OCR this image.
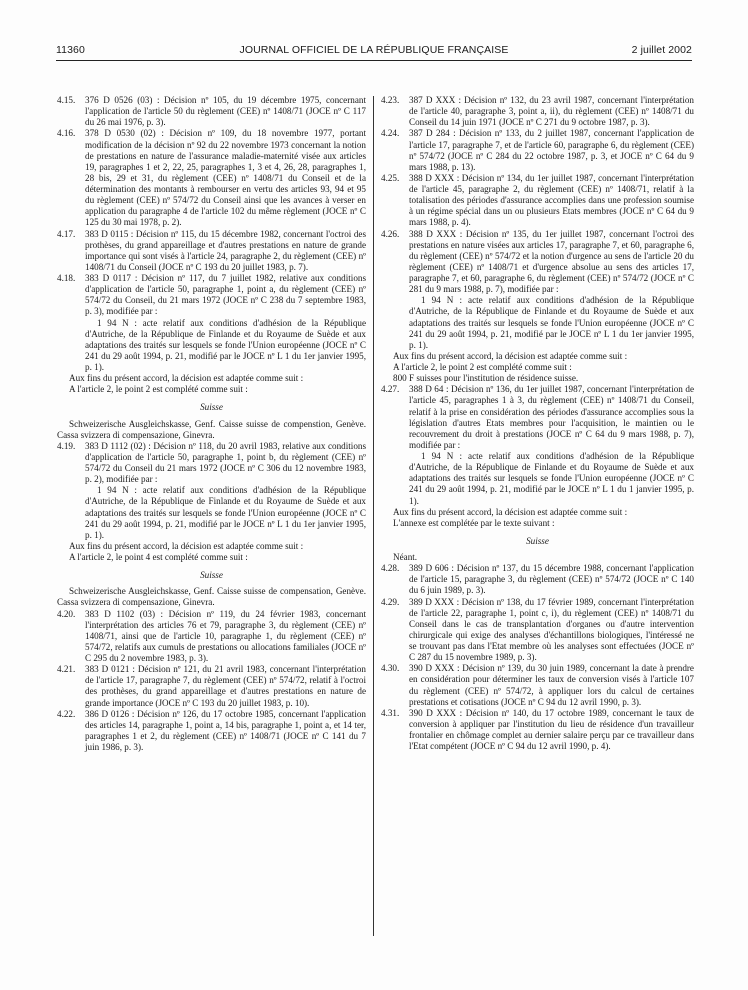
11360	JOURNAL OFFICIEL DE LA RÉPUBLIQUE FRANÇAISE	2 juillet 2002

4.15. 376 D 0526 (03) : Décision nº 105, du 19 décembre 1975, concernant l'application de l'article 50 du règlement (CEE) nº 1408/71 (JOCE nº C 117 du 26 mai 1976, p. 3).

4.16. 378 D 0530 (02) : Décision nº 109, du 18 novembre 1977, portant modification de la décision nº 92 du 22 novembre 1973 concernant la notion de prestations en nature de l'assurance maladie-maternité visée aux articles 19, paragraphes 1 et 2, 22, 25, paragraphes 1, 3 et 4, 26, 28, paragraphes 1, 28 bis, 29 et 31, du règlement (CEE) nº 1408/71 du Conseil et de la détermination des montants à rembourser en vertu des articles 93, 94 et 95 du règlement (CEE) nº 574/72 du Conseil ainsi que les avances à verser en application du paragraphe 4 de l'article 102 du même règlement (JOCE nº C 125 du 30 mai 1978, p. 2).

4.17. 383 D 0115 : Décision nº 115, du 15 décembre 1982, concernant l'octroi des prothèses, du grand appareillage et d'autres prestations en nature de grande importance qui sont visés à l'article 24, paragraphe 2, du règlement (CEE) nº 1408/71 du Conseil (JOCE nº C 193 du 20 juillet 1983, p. 7).

4.18. 383 D 0117 : Décision nº 117, du 7 juillet 1982, relative aux conditions d'application de l'article 50, paragraphe 1, point a, du règlement (CEE) nº 574/72 du Conseil, du 21 mars 1972 (JOCE nº C 238 du 7 septembre 1983, p. 3), modifiée par :

1 94 N : acte relatif aux conditions d'adhésion de la République d'Autriche, de la République de Finlande et du Royaume de Suède et aux adaptations des traités sur lesquels se fonde l'Union européenne (JOCE nº C 241 du 29 août 1994, p. 21, modifié par le JOCE nº L 1 du 1er janvier 1995, p. 1).

Aux fins du présent accord, la décision est adaptée comme suit :

A l'article 2, le point 2 est complété comme suit :

Suisse

Schweizerische Ausgleichskasse, Genf. Caisse suisse de compenstion, Genève. Cassa svizzera di compensazione, Ginevra.

4.19. 383 D 1112 (02) : Décision nº 118, du 20 avril 1983, relative aux conditions d'application de l'article 50, paragraphe 1, point b, du règlement (CEE) nº 574/72 du Conseil du 21 mars 1972 (JOCE nº C 306 du 12 novembre 1983, p. 2), modifiée par :

1 94 N : acte relatif aux conditions d'adhésion de la République d'Autriche, de la République de Finlande et du Royaume de Suède et aux adaptations des traités sur lesquels se fonde l'Union européenne (JOCE nº C 241 du 29 août 1994, p. 21, modifié par le JOCE nº L 1 du 1er janvier 1995, p. 1).

Aux fins du présent accord, la décision est adaptée comme suit :

A l'article 2, le point 4 est complété comme suit :

Suisse

Schweizerische Ausgleichskasse, Genf. Caisse suisse de compensation, Genève. Cassa svizzera di compensazione, Ginevra.

4.20. 383 D 1102 (03) : Décision nº 119, du 24 février 1983, concernant l'interprétation des articles 76 et 79, paragraphe 3, du règlement (CEE) nº 1408/71, ainsi que de l'article 10, paragraphe 1, du règlement (CEE) nº 574/72, relatifs aux cumuls de prestations ou allocations familiales (JOCE nº C 295 du 2 novembre 1983, p. 3).

4.21. 383 D 0121 : Décision nº 121, du 21 avril 1983, concernant l'interprétation de l'article 17, paragraphe 7, du règlement (CEE) nº 574/72, relatif à l'octroi des prothèses, du grand appareillage et d'autres prestations en nature de grande importance (JOCE nº C 193 du 20 juillet 1983, p. 10).

4.22. 386 D 0126 : Décision nº 126, du 17 octobre 1985, concernant l'application des articles 14, paragraphe 1, point a, 14 bis, paragraphe 1, point a, et 14 ter, paragraphes 1 et 2, du règlement (CEE) nº 1408/71 (JOCE nº C 141 du 7 juin 1986, p. 3).

4.23. 387 D XXX : Décision nº 132, du 23 avril 1987, concernant l'interprétation de l'article 40, paragraphe 3, point a, ii), du règlement (CEE) nº 1408/71 du Conseil du 14 juin 1971 (JOCE nº C 271 du 9 octobre 1987, p. 3).

4.24. 387 D 284 : Décision nº 133, du 2 juillet 1987, concernant l'application de l'article 17, paragraphe 7, et de l'article 60, paragraphe 6, du règlement (CEE) nº 574/72 (JOCE nº C 284 du 22 octobre 1987, p. 3, et JOCE nº C 64 du 9 mars 1988, p. 13).

4.25. 388 D XXX : Décision nº 134, du 1er juillet 1987, concernant l'interprétation de l'article 45, paragraphe 2, du règlement (CEE) nº 1408/71, relatif à la totalisation des périodes d'assurance accomplies dans une profession soumise à un régime spécial dans un ou plusieurs Etats membres (JOCE nº C 64 du 9 mars 1988, p. 4).

4.26. 388 D XXX : Décision nº 135, du 1er juillet 1987, concernant l'octroi des prestations en nature visées aux articles 17, paragraphe 7, et 60, paragraphe 6, du règlement (CEE) nº 574/72 et la notion d'urgence au sens de l'article 20 du règlement (CEE) nº 1408/71 et d'urgence absolue au sens des articles 17, paragraphe 7, et 60, paragraphe 6, du règlement (CEE) nº 574/72 (JOCE nº C 281 du 9 mars 1988, p. 7), modifiée par :

1 94 N : acte relatif aux conditions d'adhésion de la République d'Autriche, de la République de Finlande et du Royaume de Suède et aux adaptations des traités sur lesquels se fonde l'Union européenne (JOCE nº C 241 du 29 août 1994, p. 21, modifié par le JOCE nº L 1 du 1er janvier 1995, p. 1).

Aux fins du présent accord, la décision est adaptée comme suit :

A l'article 2, le point 2 est complété comme suit :

800 F suisses pour l'institution de résidence suisse.

4.27. 388 D 64 : Décision nº 136, du 1er juillet 1987, concernant l'interprétation de l'article 45, paragraphes 1 à 3, du règlement (CEE) nº 1408/71 du Conseil, relatif à la prise en considération des périodes d'assurance accomplies sous la législation d'autres Etats membres pour l'acquisition, le maintien ou le recouvrement du droit à prestations (JOCE nº C 64 du 9 mars 1988, p. 7), modifiée par :

1 94 N : acte relatif aux conditions d'adhésion de la République d'Autriche, de la République de Finlande et du Royaume de Suède et aux adaptations des traités sur lesquels se fonde l'Union européenne (JOCE nº C 241 du 29 août 1994, p. 21, modifié par le JOCE nº L 1 du 1 janvier 1995, p. 1).

Aux fins du présent accord, la décision est adaptée comme suit :

L'annexe est complétée par le texte suivant :

Suisse

Néant.

4.28. 389 D 606 : Décision nº 137, du 15 décembre 1988, concernant l'application de l'article 15, paragraphe 3, du règlement (CEE) nº 574/72 (JOCE nº C 140 du 6 juin 1989, p. 3).

4.29. 389 D XXX : Décision nº 138, du 17 février 1989, concernant l'interprétation de l'article 22, paragraphe 1, point c, i), du règlement (CEE) nº 1408/71 du Conseil dans le cas de transplantation d'organes ou d'autre intervention chirurgicale qui exige des analyses d'échantillons biologiques, l'intéressé ne se trouvant pas dans l'Etat membre où les analyses sont effectuées (JOCE nº C 287 du 15 novembre 1989, p. 3).

4.30. 390 D XXX : Décision nº 139, du 30 juin 1989, concernant la date à prendre en considération pour déterminer les taux de conversion visés à l'article 107 du règlement (CEE) nº 574/72, à appliquer lors du calcul de certaines prestations et cotisations (JOCE nº C 94 du 12 avril 1990, p. 3).

4.31. 390 D XXX : Décision nº 140, du 17 octobre 1989, concernant le taux de conversion à appliquer par l'institution du lieu de résidence d'un travailleur frontalier en chômage complet au dernier salaire perçu par ce travailleur dans l'Etat compétent (JOCE nº C 94 du 12 avril 1990, p. 4).
